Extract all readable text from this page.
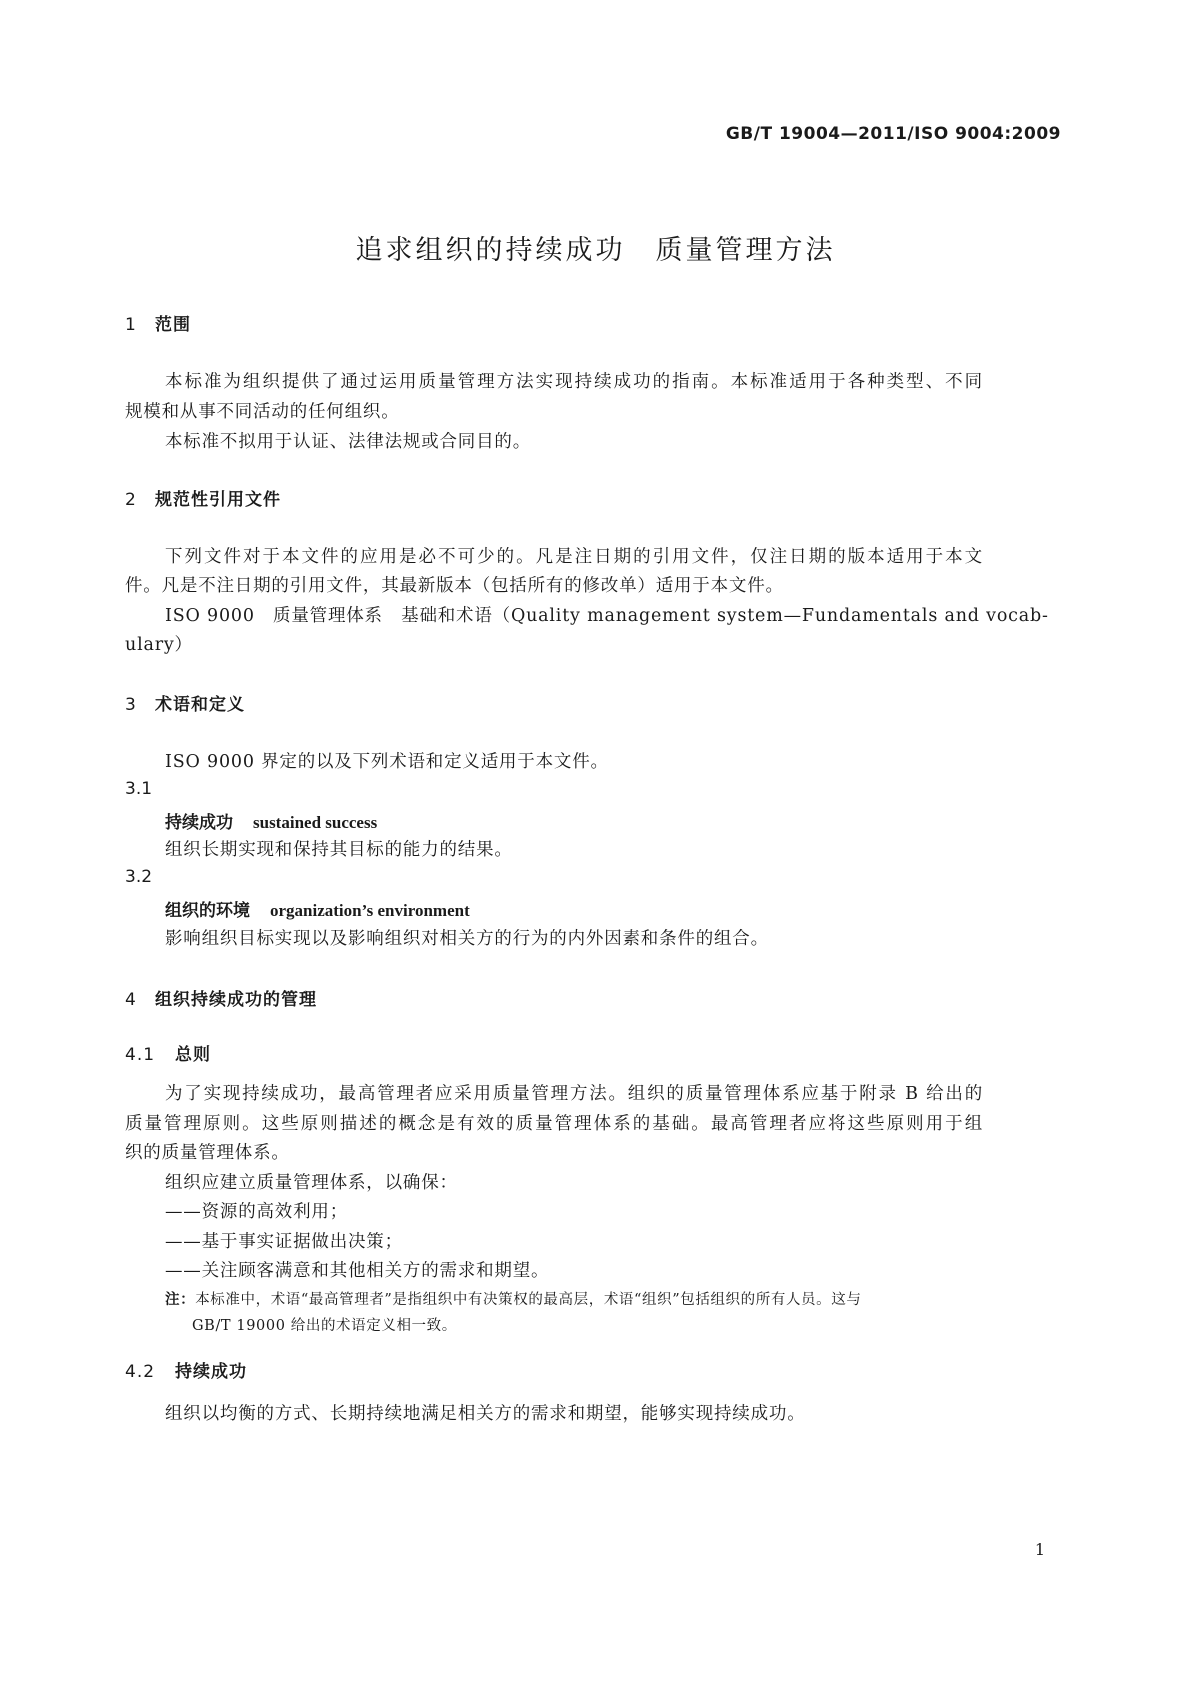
GB/T 19004—2011/ISO 9004:2009
追求组织的持续成功　质量管理方法
1 范围
本标准为组织提供了通过运用质量管理方法实现持续成功的指南。本标准适用于各种类型、不同
规模和从事不同活动的任何组织。
本标准不拟用于认证、法律法规或合同目的。
2 规范性引用文件
下列文件对于本文件的应用是必不可少的。凡是注日期的引用文件，仅注日期的版本适用于本文
件。凡是不注日期的引用文件，其最新版本（包括所有的修改单）适用于本文件。
ISO 9000　质量管理体系　基础和术语（Quality management system—Fundamentals and vocab-
ulary）
3 术语和定义
ISO 9000 界定的以及下列术语和定义适用于本文件。
3.1
持续成功 sustained success
组织长期实现和保持其目标的能力的结果。
3.2
组织的环境 organization’s environment
影响组织目标实现以及影响组织对相关方的行为的内外因素和条件的组合。
4 组织持续成功的管理
4.1 总则
为了实现持续成功，最高管理者应采用质量管理方法。组织的质量管理体系应基于附录 B 给出的
质量管理原则。这些原则描述的概念是有效的质量管理体系的基础。最高管理者应将这些原则用于组
织的质量管理体系。
组织应建立质量管理体系，以确保：
——资源的高效利用；
——基于事实证据做出决策；
——关注顾客满意和其他相关方的需求和期望。
注：本标准中，术语“最高管理者”是指组织中有决策权的最高层，术语“组织”包括组织的所有人员。这与
GB/T 19000 给出的术语定义相一致。
4.2 持续成功
组织以均衡的方式、长期持续地满足相关方的需求和期望，能够实现持续成功。
1
